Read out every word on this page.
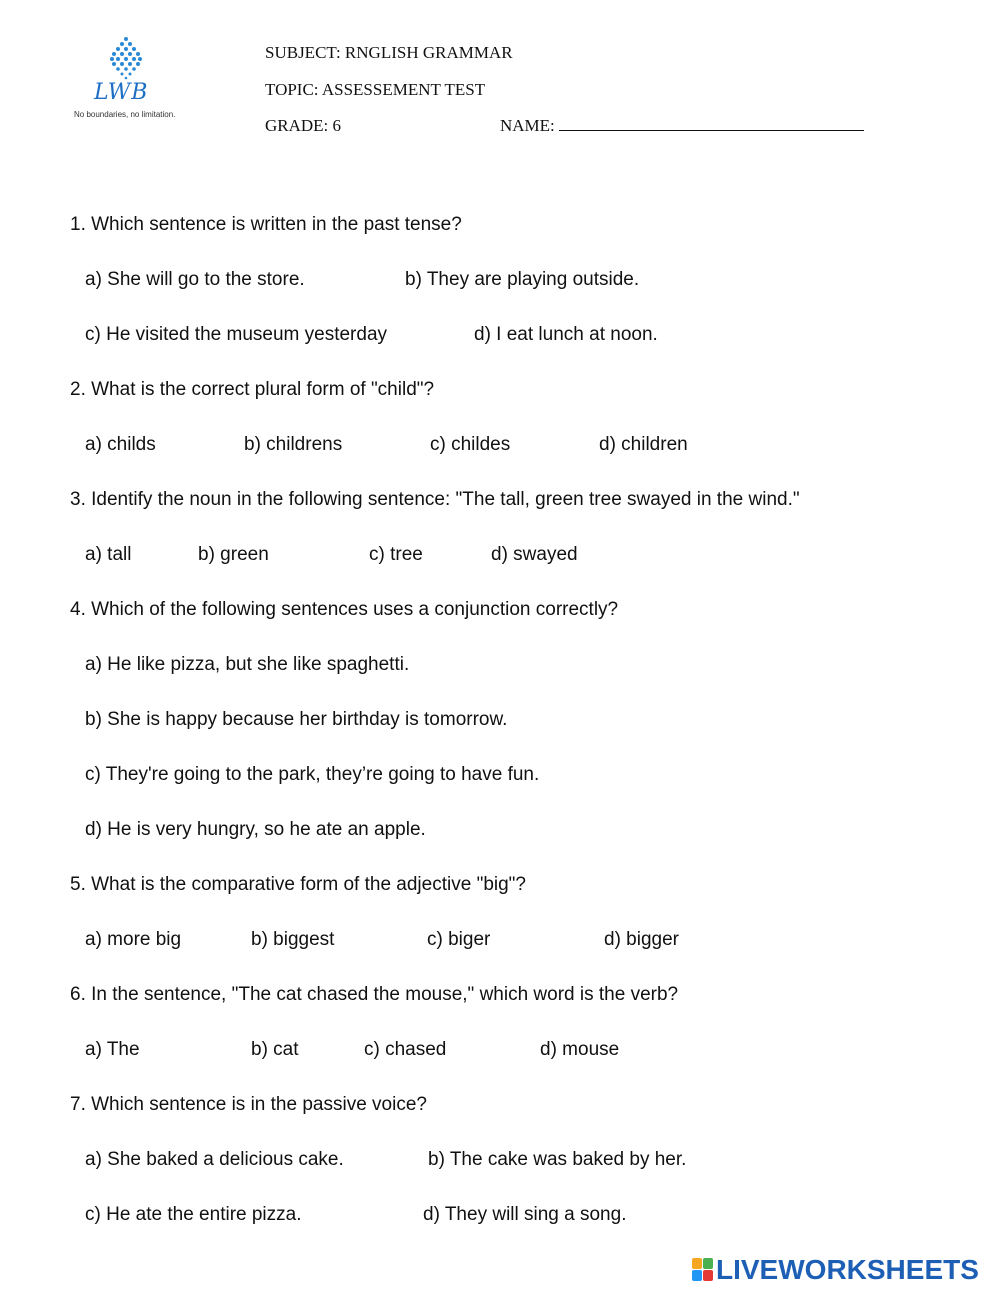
LWB
No boundaries, no limitation.
SUBJECT: RNGLISH GRAMMAR
TOPIC: ASSESSEMENT TEST
GRADE: 6	NAME:
1. Which sentence is written in the past tense?
a) She will go to the store.	b) They are playing outside.
c) He visited the museum yesterday	d) I eat lunch at noon.
2. What is the correct plural form of "child"?
a) childs	b) childrens	c) childes	d) children
3. Identify the noun in the following sentence: "The tall, green tree swayed in the wind."
a) tall	b) green	c) tree	d) swayed
4. Which of the following sentences uses a conjunction correctly?
a) He like pizza, but she like spaghetti.
b) She is happy because her birthday is tomorrow.
c) They're going to the park, they’re going to have fun.
d) He is very hungry, so he ate an apple.
5. What is the comparative form of the adjective "big"?
a) more big	b) biggest	c) biger	d) bigger
6. In the sentence, "The cat chased the mouse," which word is the verb?
a) The	b) cat	c) chased	d) mouse
7. Which sentence is in the passive voice?
a) She baked a delicious cake.	b) The cake was baked by her.
c) He ate the entire pizza.	d) They will sing a song.
LIVEWORKSHEETS
